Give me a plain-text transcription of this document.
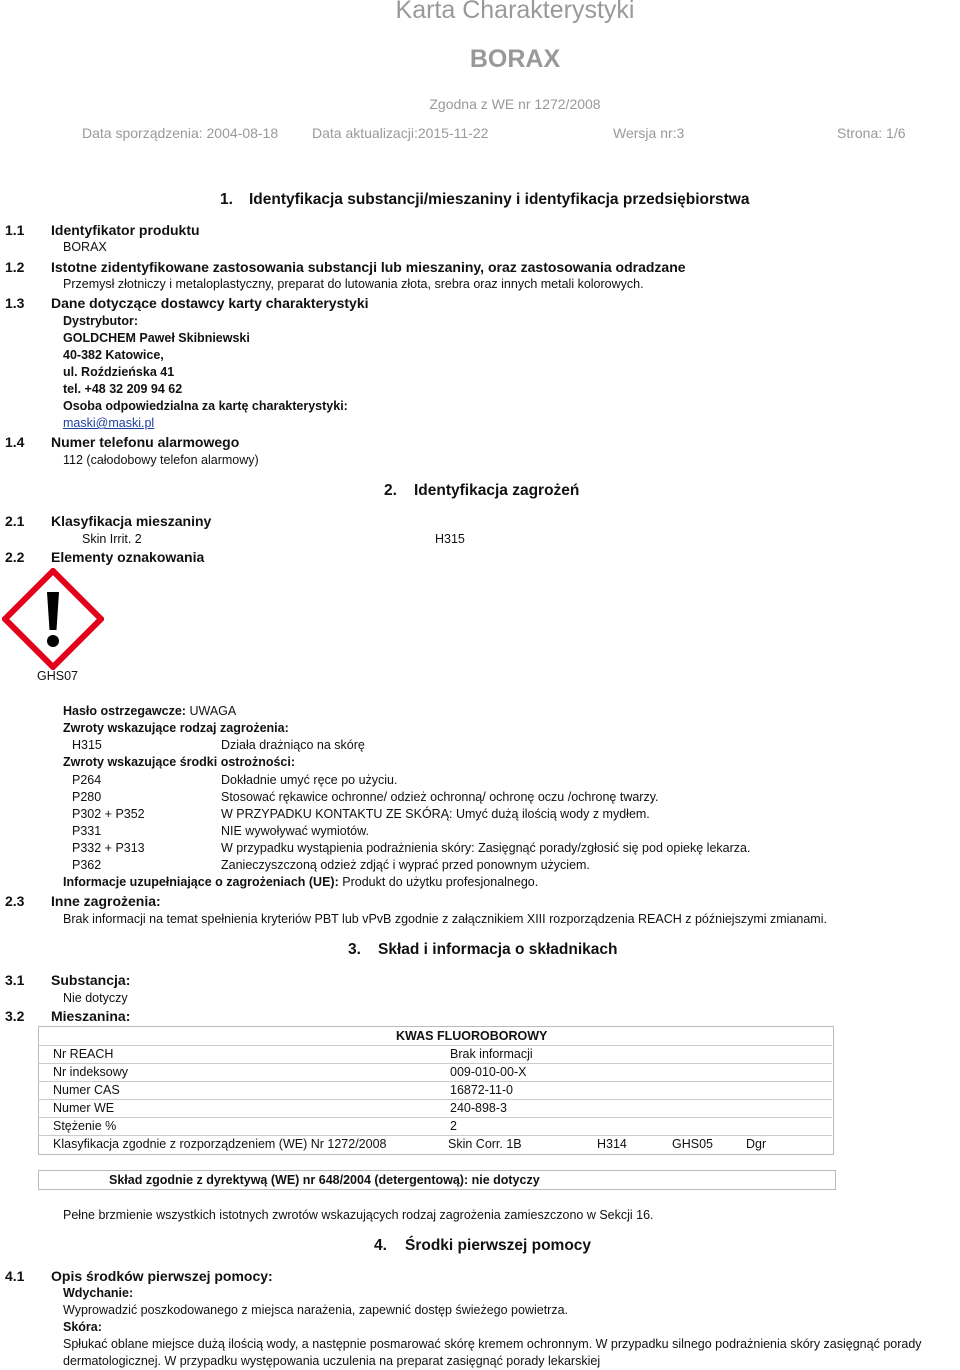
Karta Charakterystyki
BORAX
Zgodna z WE nr 1272/2008
Data sporządzenia: 2004-08-18 Data aktualizacji:2015-11-22	Wersja nr:3	Strona: 1/6
1. Identyfikacja substancji/mieszaniny i identyfikacja przedsiębiorstwa
1.1 Identyfikator produktu
BORAX
1.2 Istotne zidentyfikowane zastosowania substancji lub mieszaniny, oraz zastosowania odradzane
Przemysł złotniczy i metaloplastyczny, preparat do lutowania złota, srebra oraz innych metali kolorowych.
1.3 Dane dotyczące dostawcy karty charakterystyki
Dystrybutor:
GOLDCHEM Paweł Skibniewski
40-382 Katowice,
ul. Roździeńska 41
tel. +48 32 209 94 62
Osoba odpowiedzialna za kartę charakterystyki:
maski@maski.pl
1.4 Numer telefonu alarmowego
112 (całodobowy telefon alarmowy)
2. Identyfikacja zagrożeń
2.1 Klasyfikacja mieszaniny
Skin Irrit. 2	H315
2.2 Elementy oznakowania
GHS07
Hasło ostrzegawcze: UWAGA
Zwroty wskazujące rodzaj zagrożenia:
H315	Działa drażniąco na skórę
Zwroty wskazujące środki ostrożności:
P264	Dokładnie umyć ręce po użyciu.
P280	Stosować rękawice ochronne/ odzież ochronną/ ochronę oczu /ochronę twarzy.
P302 + P352	W PRZYPADKU KONTAKTU ZE SKÓRĄ: Umyć dużą ilością wody z mydłem.
P331	NIE wywoływać wymiotów.
P332 + P313	W przypadku wystąpienia podrażnienia skóry: Zasięgnąć porady/zgłosić się pod opiekę lekarza.
P362	Zanieczyszczoną odzież zdjąć i wyprać przed ponownym użyciem.
Informacje uzupełniające o zagrożeniach (UE): Produkt do użytku profesjonalnego.
2.3 Inne zagrożenia:
Brak informacji na temat spełnienia kryteriów PBT lub vPvB zgodnie z załącznikiem XIII rozporządzenia REACH z późniejszymi zmianami.
3. Skład i informacja o składnikach
3.1 Substancja:
Nie dotyczy
3.2 Mieszanina:
KWAS FLUOROBOROWY
Nr REACH	Brak informacji
Nr indeksowy	009-010-00-X
Numer CAS	16872-11-0
Numer WE	240-898-3
Stężenie %	2
Klasyfikacja zgodnie z rozporządzeniem (WE) Nr 1272/2008	Skin Corr. 1B	H314	GHS05	Dgr
Skład zgodnie z dyrektywą (WE) nr 648/2004 (detergentową): nie dotyczy
Pełne brzmienie wszystkich istotnych zwrotów wskazujących rodzaj zagrożenia zamieszczono w Sekcji 16.
4. Środki pierwszej pomocy
4.1 Opis środków pierwszej pomocy:
Wdychanie:
Wyprowadzić poszkodowanego z miejsca narażenia, zapewnić dostęp świeżego powietrza.
Skóra:
Spłukać oblane miejsce dużą ilością wody, a następnie posmarować skórę kremem ochronnym. W przypadku silnego podrażnienia skóry zasięgnąć porady
dermatologicznej. W przypadku występowania uczulenia na preparat zasięgnąć porady lekarskiej
